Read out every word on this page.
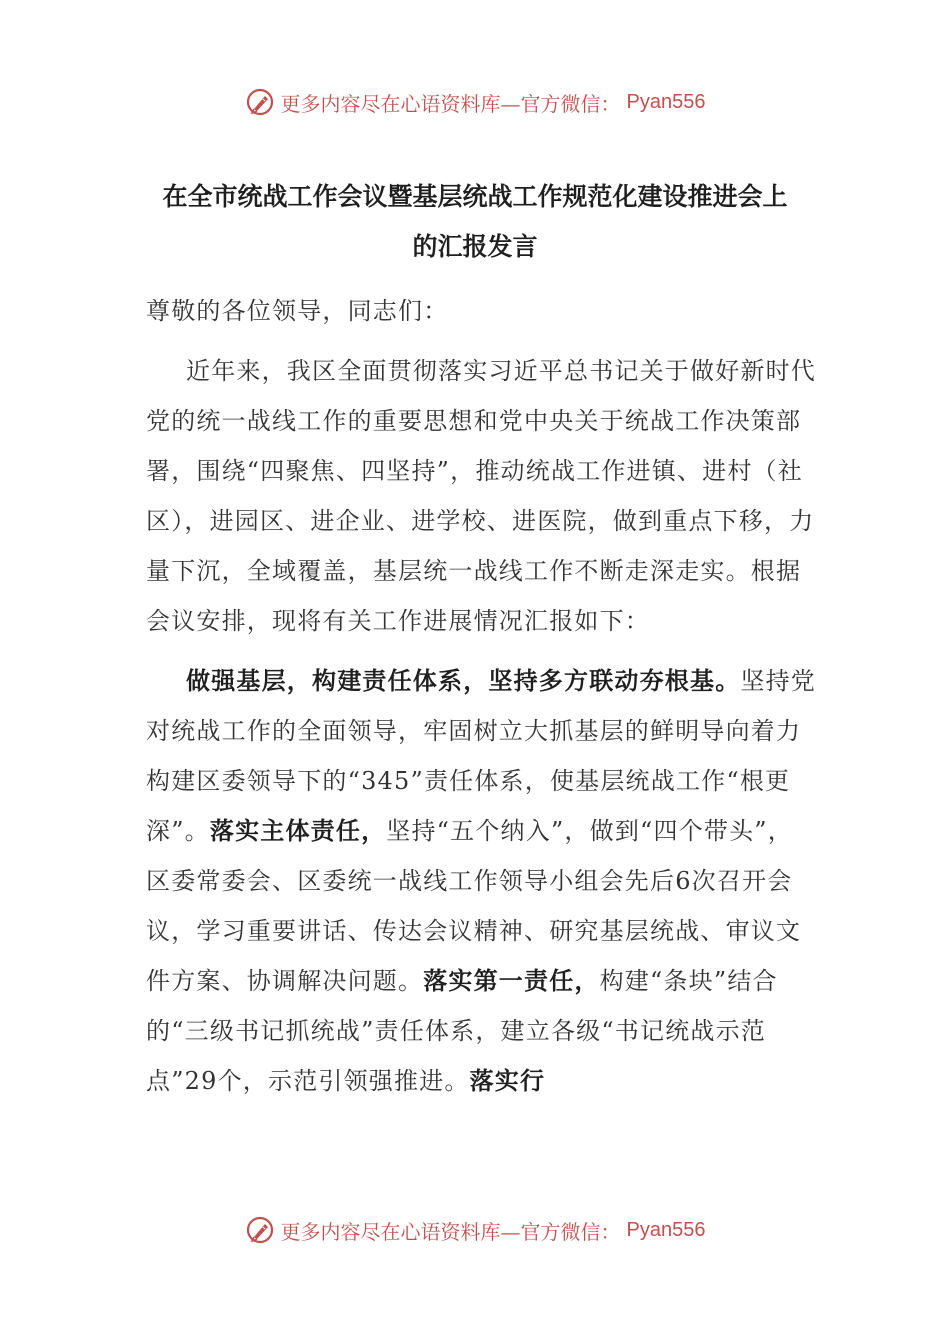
更多内容尽在心语资料库—官方微信： Pyan556
在全市统战工作会议暨基层统战工作规范化建设推进会上
的汇报发言

尊敬的各位领导，同志们：

近年来，我区全面贯彻落实习近平总书记关于做好新时代党的统一战线工作的重要思想和党中央关于统战工作决策部署，围绕“四聚焦、四坚持”，推动统战工作进镇、进村（社区），进园区、进企业、进学校、进医院，做到重点下移，力量下沉，全域覆盖，基层统一战线工作不断走深走实。根据会议安排，现将有关工作进展情况汇报如下：

做强基层，构建责任体系，坚持多方联动夯根基。坚持党对统战工作的全面领导，牢固树立大抓基层的鲜明导向着力构建区委领导下的“345”责任体系，使基层统战工作“根更深”。落实主体责任，坚持“五个纳入”，做到“四个带头”，区委常委会、区委统一战线工作领导小组会先后6次召开会议，学习重要讲话、传达会议精神、研究基层统战、审议文件方案、协调解决问题。落实第一责任，构建“条块”结合的“三级书记抓统战”责任体系，建立各级“书记统战示范点”29个，示范引领强推进。落实行

更多内容尽在心语资料库—官方微信： Pyan556
